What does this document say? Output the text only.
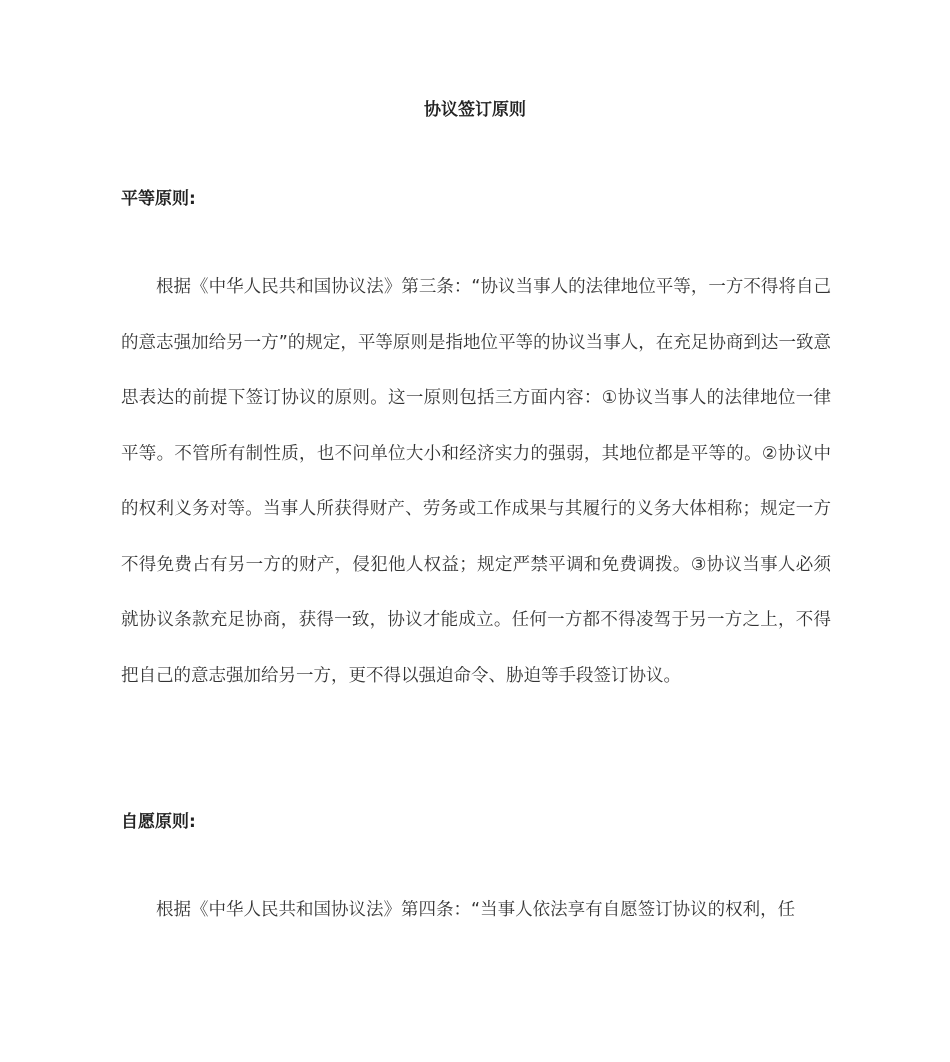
协议签订原则
平等原则:

根据《中华人民共和国协议法》第三条：“协议当事人的法律地位平等，一方不得将自己的意志强加给另一方”的规定，平等原则是指地位平等的协议当事人，在充足协商到达一致意思表达的前提下签订协议的原则。这一原则包括三方面内容：①协议当事人的法律地位一律平等。不管所有制性质，也不问单位大小和经济实力的强弱，其地位都是平等的。②协议中的权利义务对等。当事人所获得财产、劳务或工作成果与其履行的义务大体相称；规定一方不得免费占有另一方的财产，侵犯他人权益；规定严禁平调和免费调拨。③协议当事人必须就协议条款充足协商，获得一致，协议才能成立。任何一方都不得凌驾于另一方之上，不得把自己的意志强加给另一方，更不得以强迫命令、胁迫等手段签订协议。

自愿原则:

根据《中华人民共和国协议法》第四条：“当事人依法享有自愿签订协议的权利，任
